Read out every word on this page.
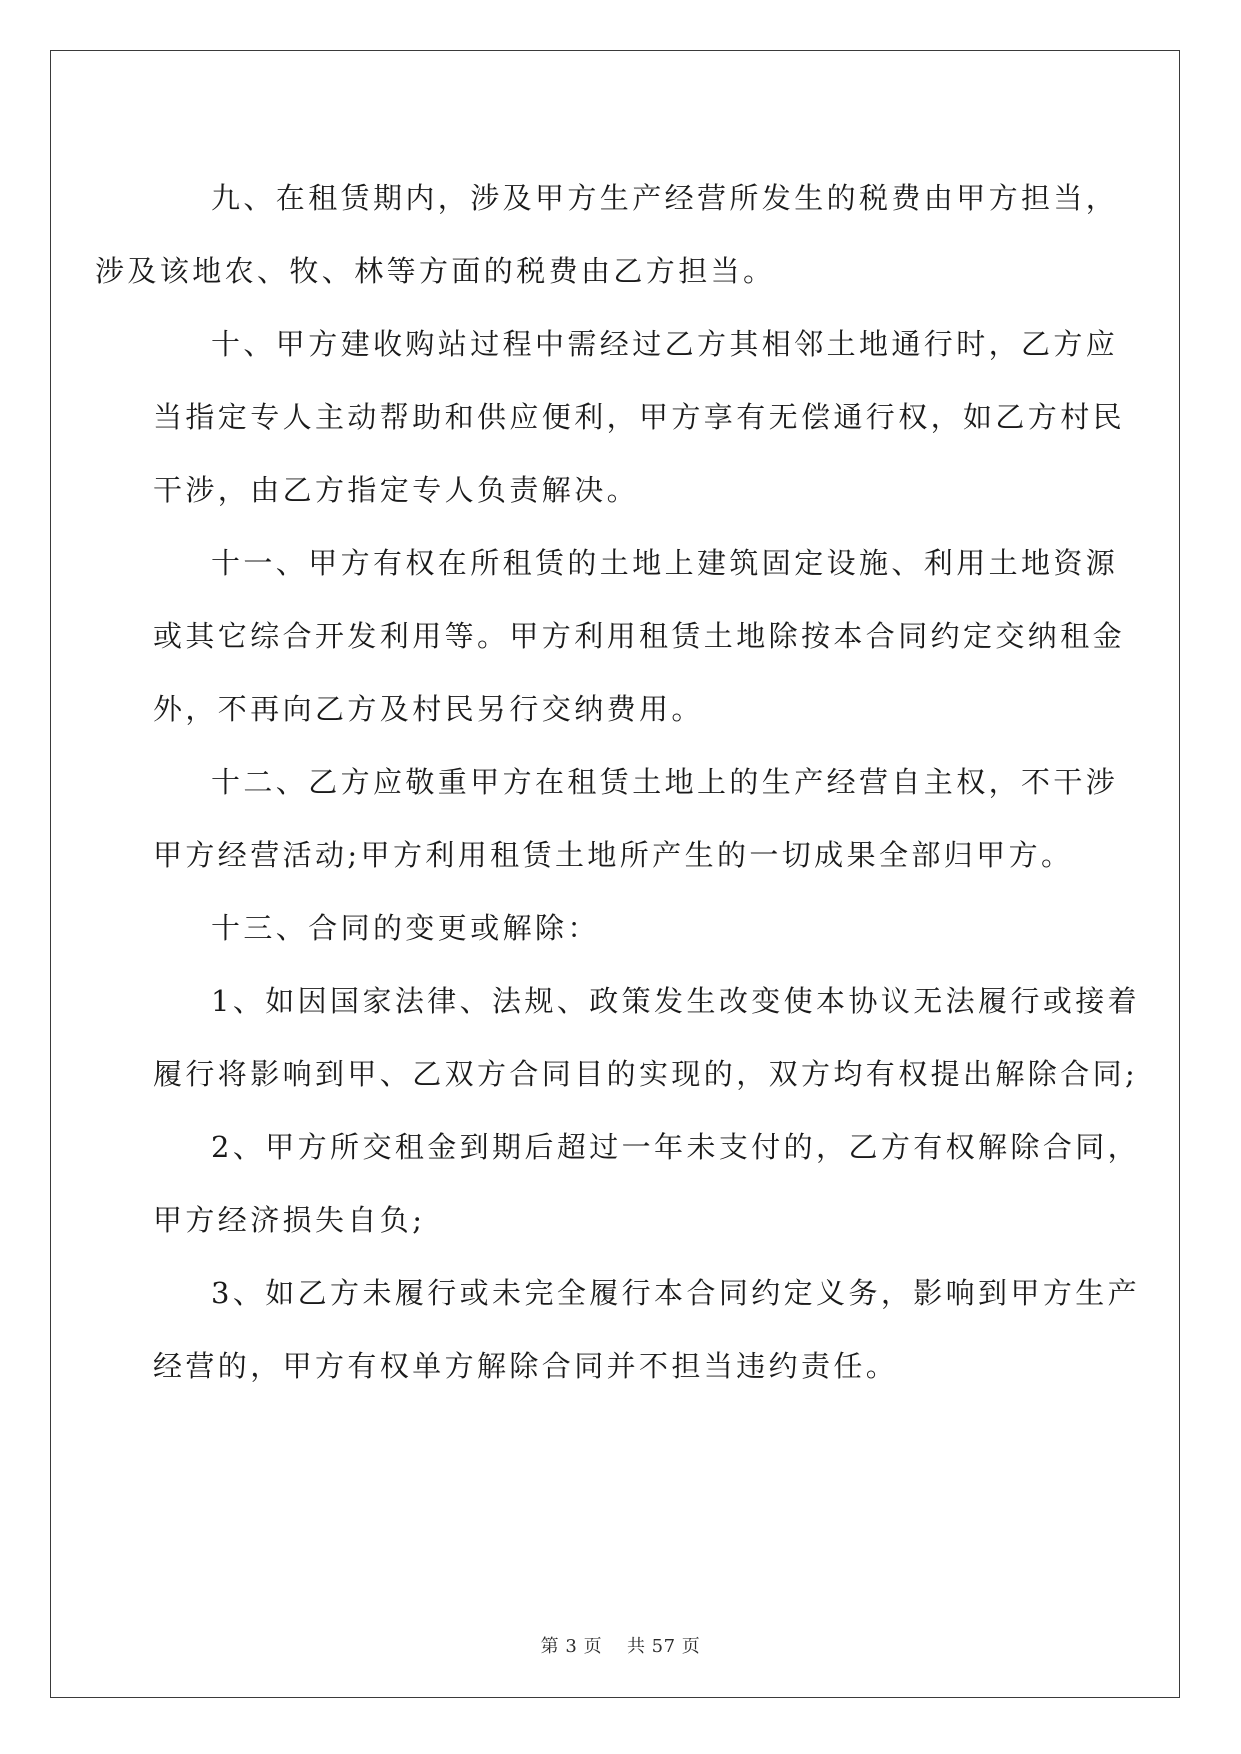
九、在租赁期内，涉及甲方生产经营所发生的税费由甲方担当，
涉及该地农、牧、林等方面的税费由乙方担当。

十、甲方建收购站过程中需经过乙方其相邻土地通行时，乙方应
当指定专人主动帮助和供应便利，甲方享有无偿通行权，如乙方村民
干涉，由乙方指定专人负责解决。

十一、甲方有权在所租赁的土地上建筑固定设施、利用土地资源
或其它综合开发利用等。甲方利用租赁土地除按本合同约定交纳租金
外，不再向乙方及村民另行交纳费用。

十二、乙方应敬重甲方在租赁土地上的生产经营自主权，不干涉
甲方经营活动;甲方利用租赁土地所产生的一切成果全部归甲方。

十三、合同的变更或解除：

1、如因国家法律、法规、政策发生改变使本协议无法履行或接着
履行将影响到甲、乙双方合同目的实现的，双方均有权提出解除合同;

2、甲方所交租金到期后超过一年未支付的，乙方有权解除合同，
甲方经济损失自负;

3、如乙方未履行或未完全履行本合同约定义务，影响到甲方生产
经营的，甲方有权单方解除合同并不担当违约责任。

第 3 页    共 57 页
